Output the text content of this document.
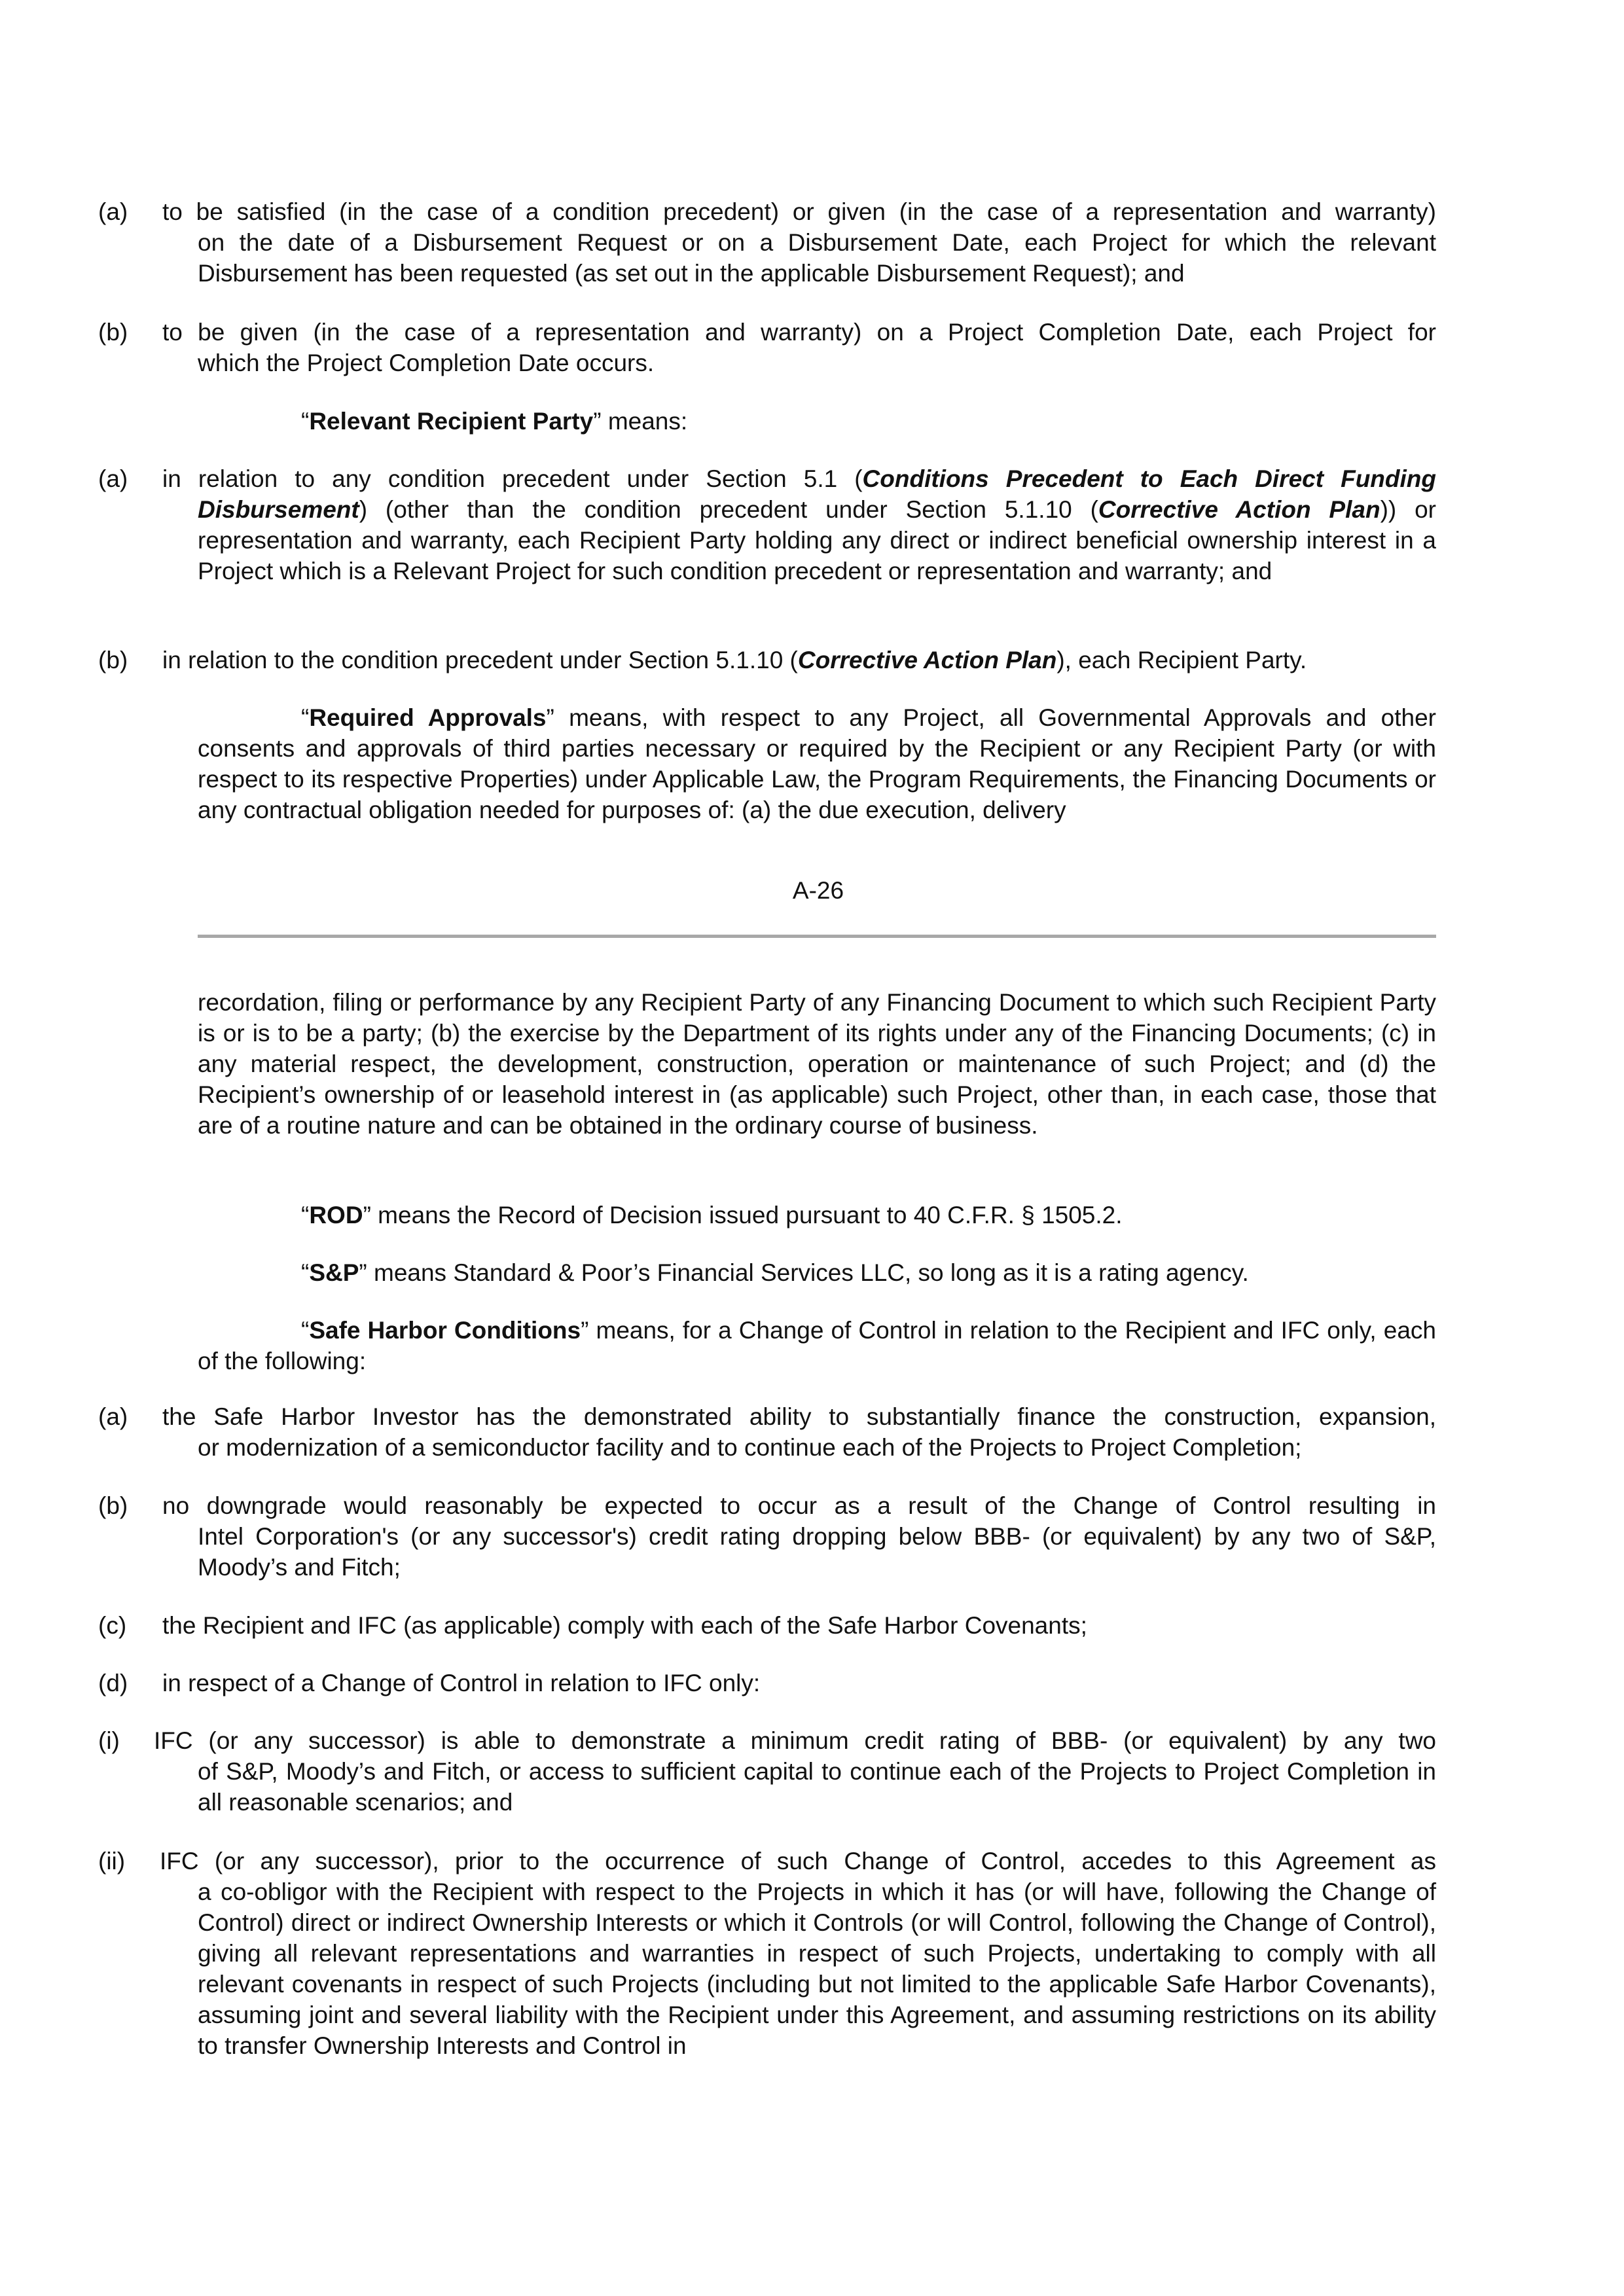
(a) to be satisfied (in the case of a condition precedent) or given (in the case of a representation and warranty)
on the date of a Disbursement Request or on a Disbursement Date, each Project for which the relevant Disbursement has been requested (as set out in the applicable Disbursement Request); and
(b) to be given (in the case of a representation and warranty) on a Project Completion Date, each Project for
which the Project Completion Date occurs.
“Relevant Recipient Party” means:
(a) in relation to any condition precedent under Section 5.1 (Conditions Precedent to Each Direct Funding Disbursement) (other than the condition precedent under Section 5.1.10 (Corrective Action Plan)) or representation and warranty, each Recipient Party holding any direct or indirect beneficial ownership interest in a Project which is a Relevant Project for such condition precedent or representation and warranty; and
(b) in relation to the condition precedent under Section 5.1.10 (Corrective Action Plan), each Recipient Party.
“Required Approvals” means, with respect to any Project, all Governmental Approvals and other consents and approvals of third parties necessary or required by the Recipient or any Recipient Party (or with respect to its respective Properties) under Applicable Law, the Program Requirements, the Financing Documents or any contractual obligation needed for purposes of: (a) the due execution, delivery
A-26
recordation, filing or performance by any Recipient Party of any Financing Document to which such Recipient Party is or is to be a party; (b) the exercise by the Department of its rights under any of the Financing Documents; (c) in any material respect, the development, construction, operation or maintenance of such Project; and (d) the Recipient’s ownership of or leasehold interest in (as applicable) such Project, other than, in each case, those that are of a routine nature and can be obtained in the ordinary course of business.
“ROD” means the Record of Decision issued pursuant to 40 C.F.R. § 1505.2.
“S&P” means Standard & Poor’s Financial Services LLC, so long as it is a rating agency.
“Safe Harbor Conditions” means, for a Change of Control in relation to the Recipient and IFC only, each of the following:
(a) the Safe Harbor Investor has the demonstrated ability to substantially finance the construction, expansion,
or modernization of a semiconductor facility and to continue each of the Projects to Project Completion;
(b) no downgrade would reasonably be expected to occur as a result of the Change of Control resulting in
Intel Corporation's (or any successor's) credit rating dropping below BBB- (or equivalent) by any two of S&P, Moody’s and Fitch;
(c) the Recipient and IFC (as applicable) comply with each of the Safe Harbor Covenants;
(d) in respect of a Change of Control in relation to IFC only:
(i) IFC (or any successor) is able to demonstrate a minimum credit rating of BBB- (or equivalent) by any two
of S&P, Moody’s and Fitch, or access to sufficient capital to continue each of the Projects to Project Completion in all reasonable scenarios; and
(ii) IFC (or any successor), prior to the occurrence of such Change of Control, accedes to this Agreement as
a co-obligor with the Recipient with respect to the Projects in which it has (or will have, following the Change of Control) direct or indirect Ownership Interests or which it Controls (or will Control, following the Change of Control), giving all relevant representations and warranties in respect of such Projects, undertaking to comply with all relevant covenants in respect of such Projects (including but not limited to the applicable Safe Harbor Covenants), assuming joint and several liability with the Recipient under this Agreement, and assuming restrictions on its ability to transfer Ownership Interests and Control in
